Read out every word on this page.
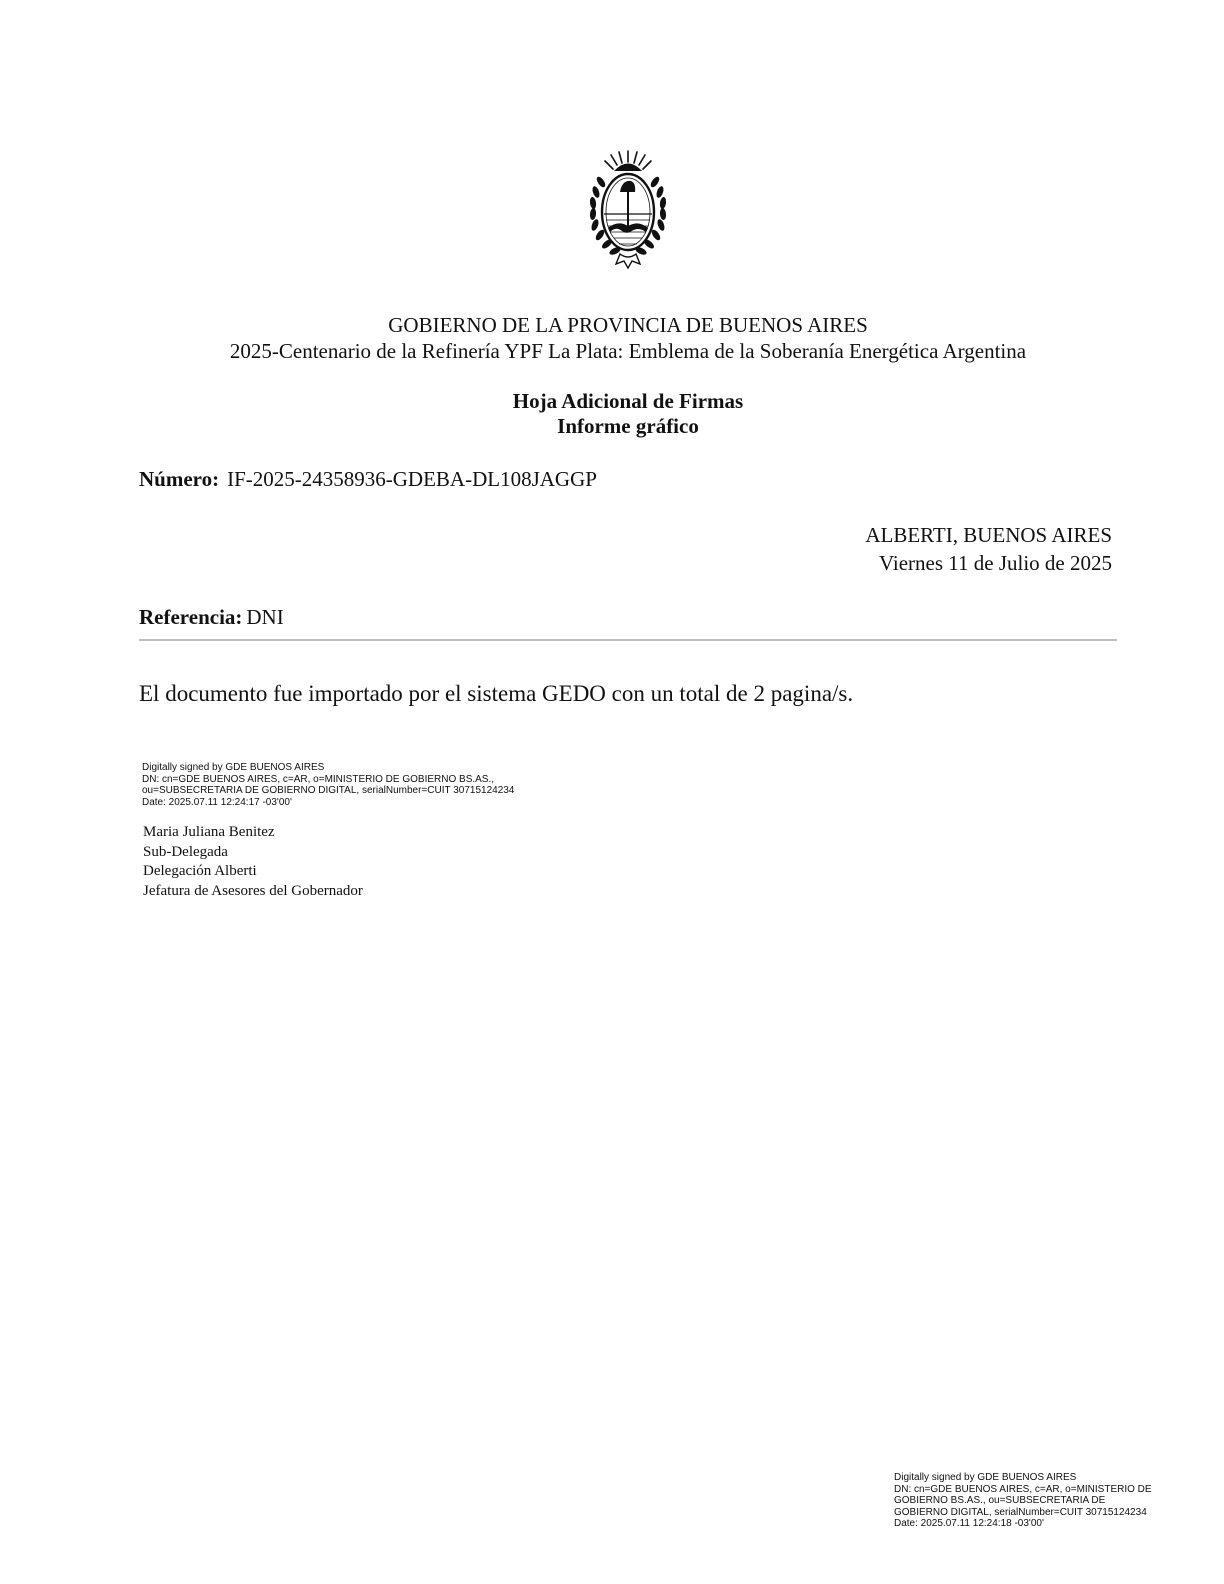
GOBIERNO DE LA PROVINCIA DE BUENOS AIRES
2025-Centenario de la Refinería YPF La Plata: Emblema de la Soberanía Energética Argentina
Hoja Adicional de Firmas
Informe gráfico
Número: IF-2025-24358936-GDEBA-DL108JAGGP
ALBERTI, BUENOS AIRES
Viernes 11 de Julio de 2025
Referencia: DNI
El documento fue importado por el sistema GEDO con un total de 2 pagina/s.
Digitally signed by GDE BUENOS AIRES
DN: cn=GDE BUENOS AIRES, c=AR, o=MINISTERIO DE GOBIERNO BS.AS.,
ou=SUBSECRETARIA DE GOBIERNO DIGITAL, serialNumber=CUIT 30715124234
Date: 2025.07.11 12:24:17 -03'00'
Maria Juliana Benitez
Sub-Delegada
Delegación Alberti
Jefatura de Asesores del Gobernador
Digitally signed by GDE BUENOS AIRES
DN: cn=GDE BUENOS AIRES, c=AR, o=MINISTERIO DE
GOBIERNO BS.AS., ou=SUBSECRETARIA DE
GOBIERNO DIGITAL, serialNumber=CUIT 30715124234
Date: 2025.07.11 12:24:18 -03'00'
